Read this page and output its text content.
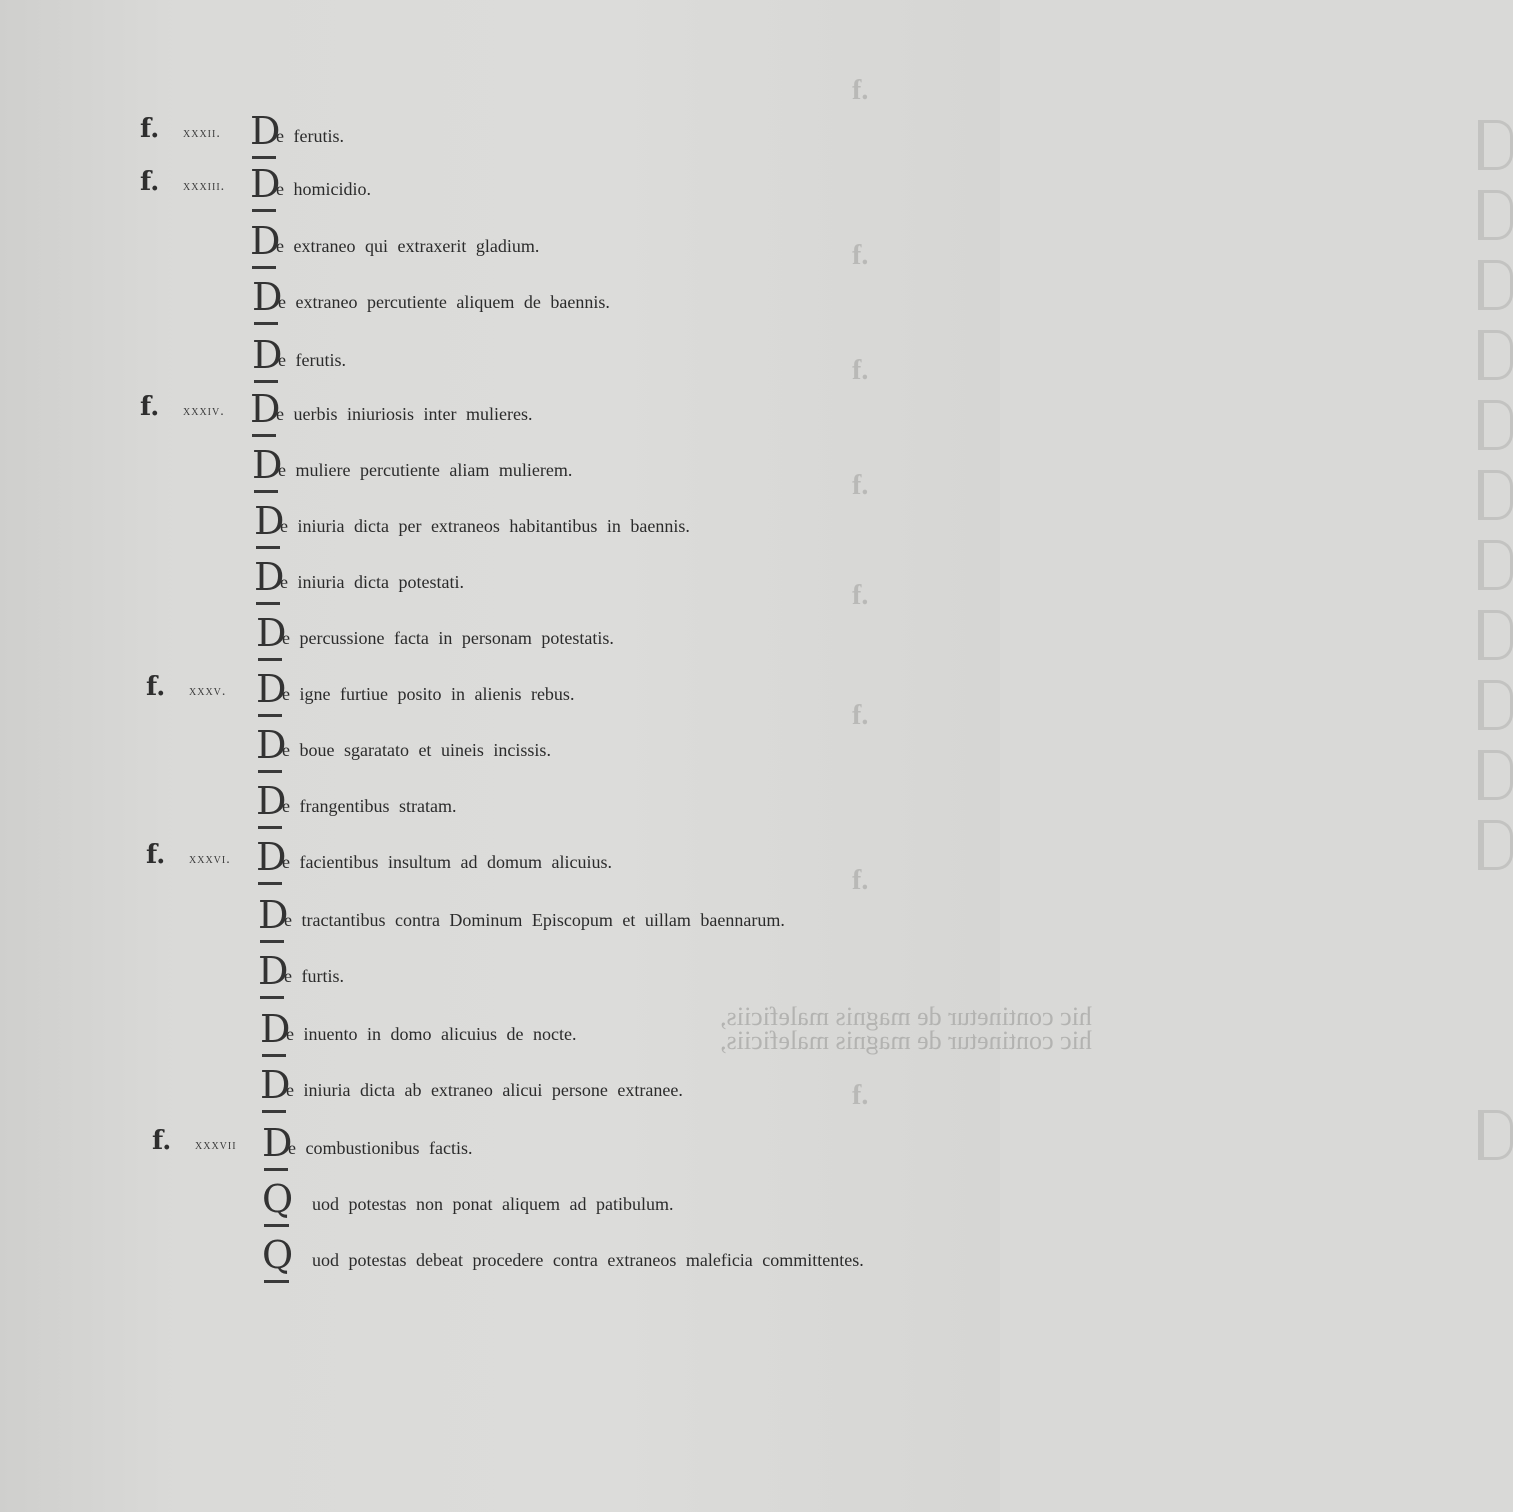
f.
f.
f.
f.
f.
f.
f.
f.
f. xxxii. D
e ferutis.
f. xxxiii. D
e homicidio.
D
e extraneo qui extraxerit gladium.
D
e extraneo percutiente aliquem de baennis.
D
e ferutis.
f. xxxiv. D
e uerbis iniuriosis inter mulieres.
D
e muliere percutiente aliam mulierem.
D
e iniuria dicta per extraneos habitantibus in baennis.
D
e iniuria dicta potestati.
D
e percussione facta in personam potestatis.
f. xxxv. D
e igne furtiue posito in alienis rebus.
D
e boue sgaratato et uineis incissis.
D
e frangentibus stratam.
f. xxxvi. D
e facientibus insultum ad domum alicuius.
D
e tractantibus contra Dominum Episcopum et uillam baennarum.
D
e furtis.
D
e inuento in domo alicuius de nocte.
D
e iniuria dicta ab extraneo alicui persone extranee.
f. xxxvii D
e combustionibus factis.
Q uod potestas non ponat aliquem ad patibulum.
Q uod potestas debeat procedere contra extraneos maleficia committentes.
hic continetur de magnis maleficiis,
hic continetur de magnis maleficiis,
